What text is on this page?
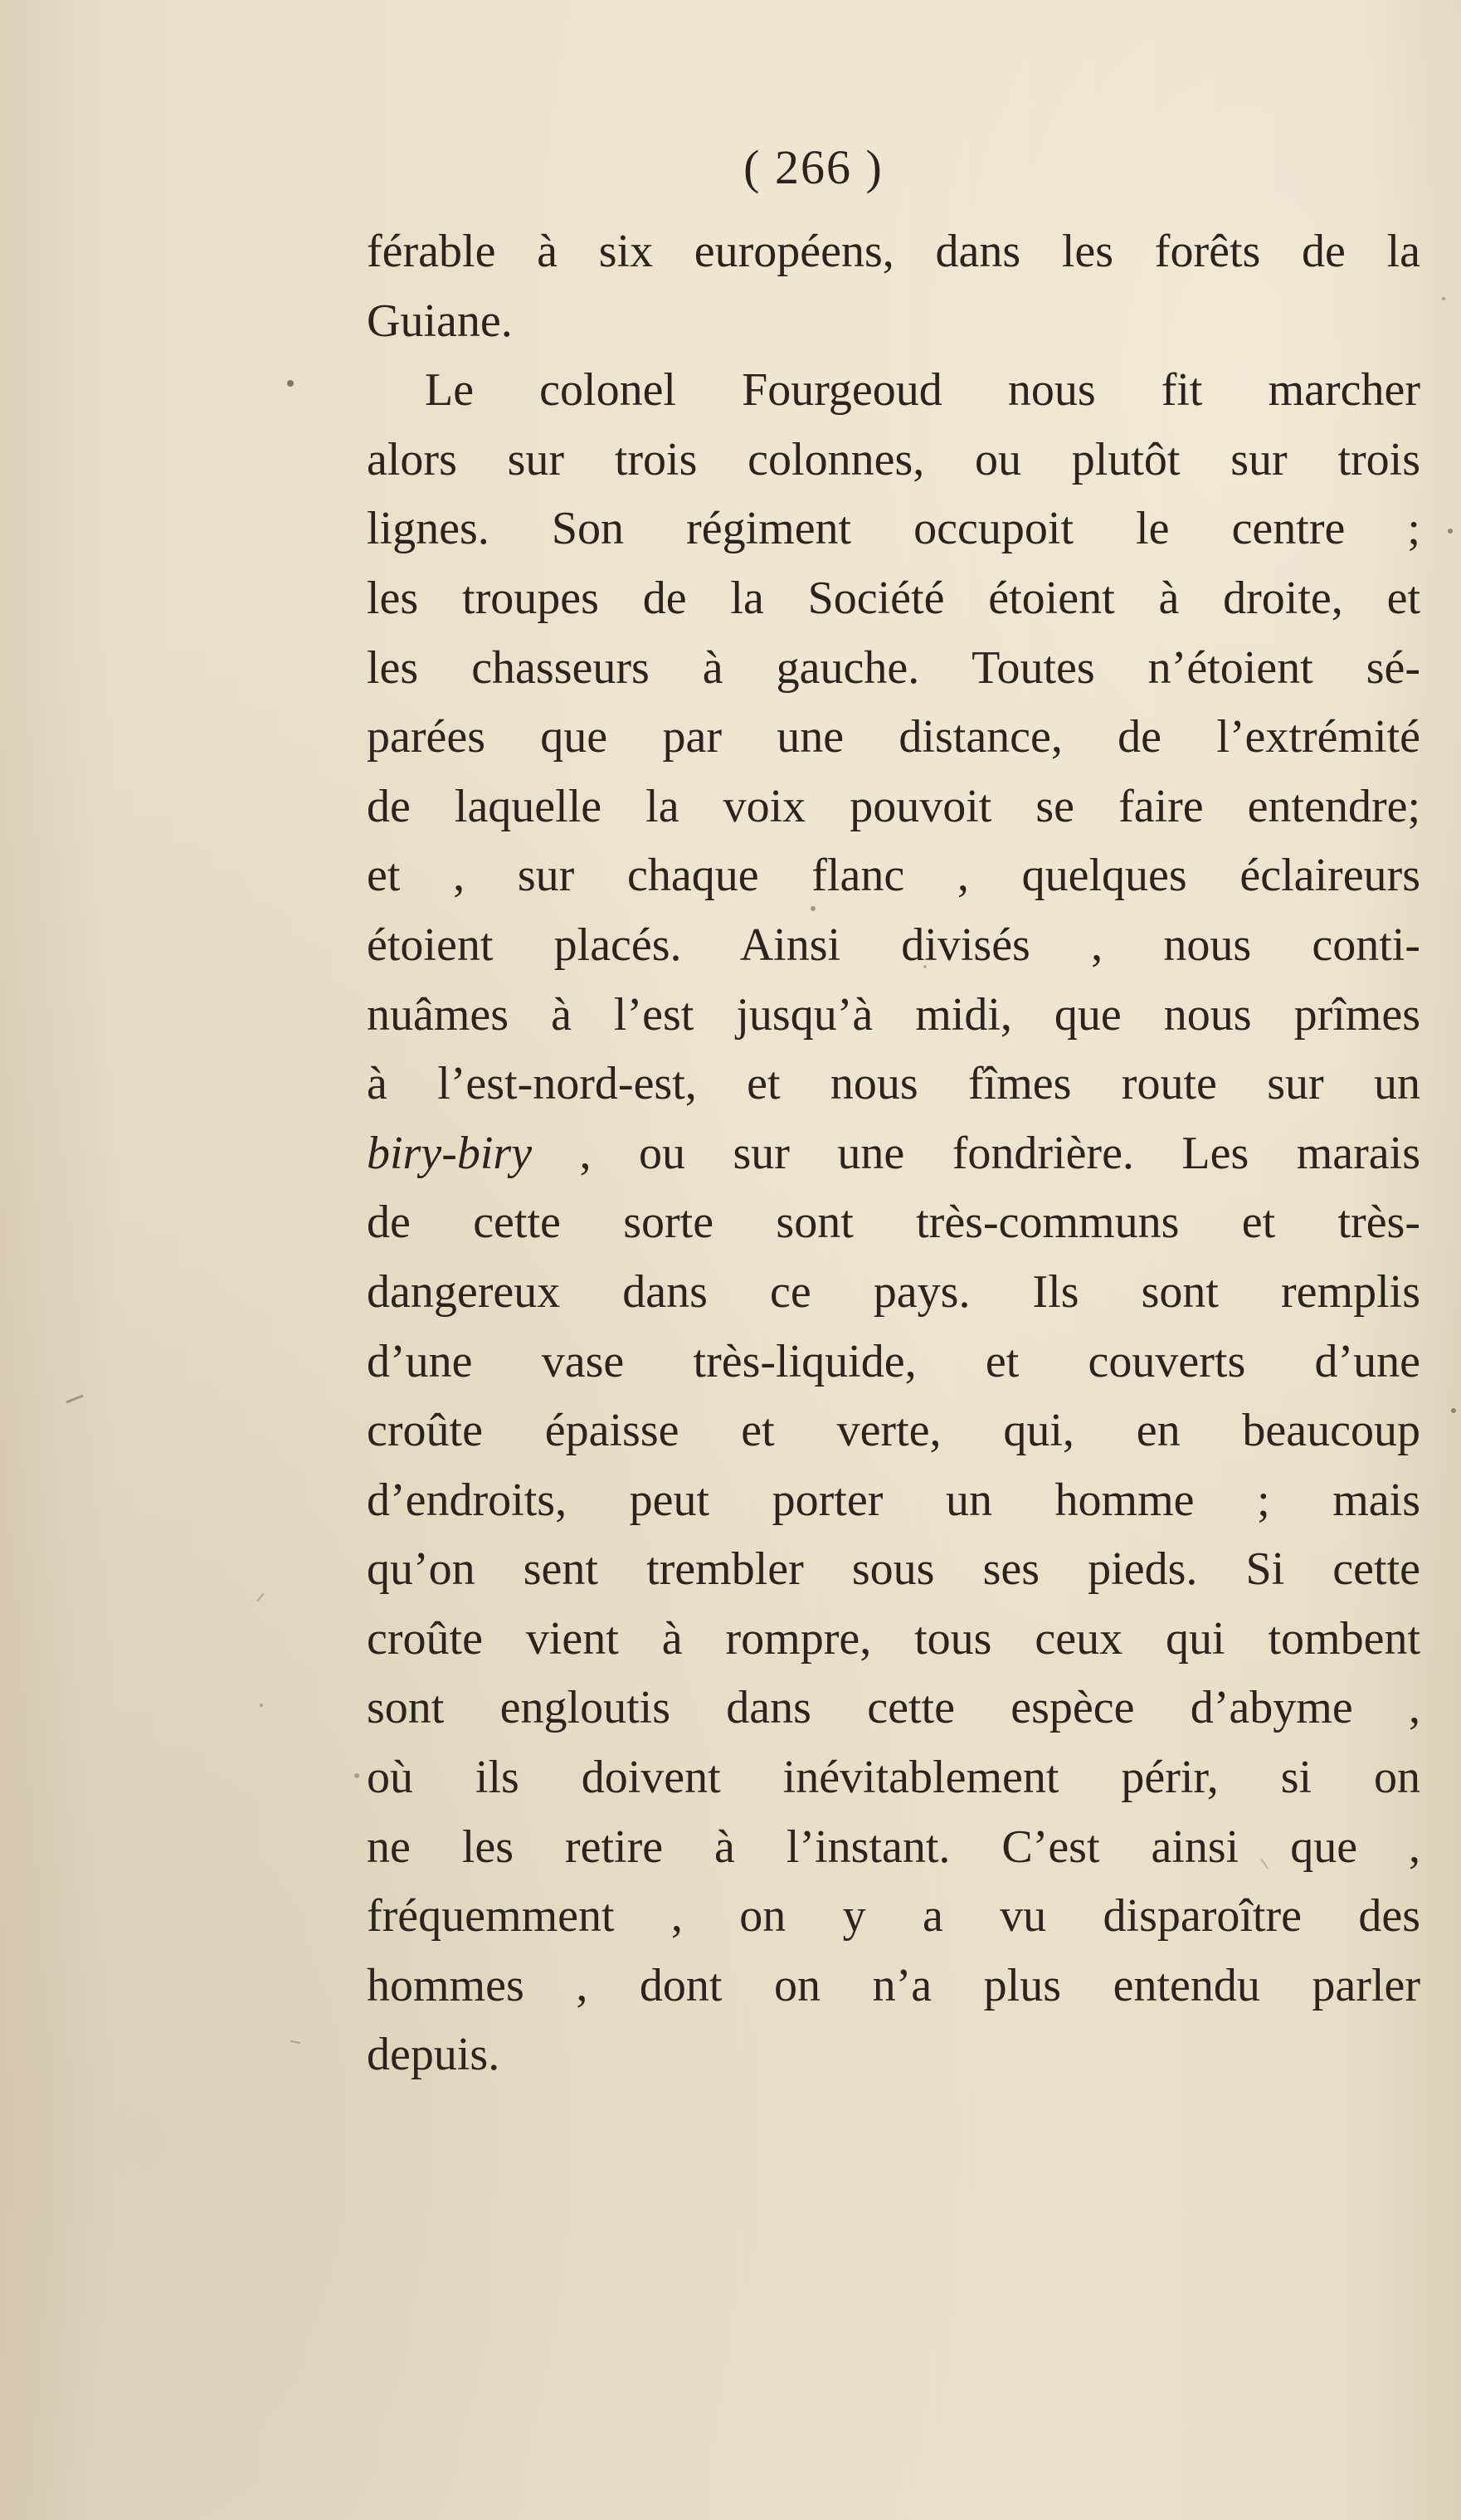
( 266 )
férable à six européens, dans les forêts de la
Guiane.
Le colonel Fourgeoud nous fit marcher
alors sur trois colonnes, ou plutôt sur trois
lignes. Son régiment occupoit le centre ;
les troupes de la Société étoient à droite, et
les chasseurs à gauche. Toutes n’étoient sé-
parées que par une distance, de l’extrémité
de laquelle la voix pouvoit se faire entendre;
et , sur chaque flanc , quelques éclaireurs
étoient placés. Ainsi divisés , nous conti-
nuâmes à l’est jusqu’à midi, que nous prîmes
à l’est-nord-est, et nous fîmes route sur un
biry-biry , ou sur une fondrière. Les marais
de cette sorte sont très-communs et très-
dangereux dans ce pays. Ils sont remplis
d’une vase très-liquide, et couverts d’une
croûte épaisse et verte, qui, en beaucoup
d’endroits, peut porter un homme ; mais
qu’on sent trembler sous ses pieds. Si cette
croûte vient à rompre, tous ceux qui tombent
sont engloutis dans cette espèce d’abyme ,
où ils doivent inévitablement périr, si on
ne les retire à l’instant. C’est ainsi que ,
fréquemment , on y a vu disparoître des
hommes , dont on n’a plus entendu parler
depuis.
